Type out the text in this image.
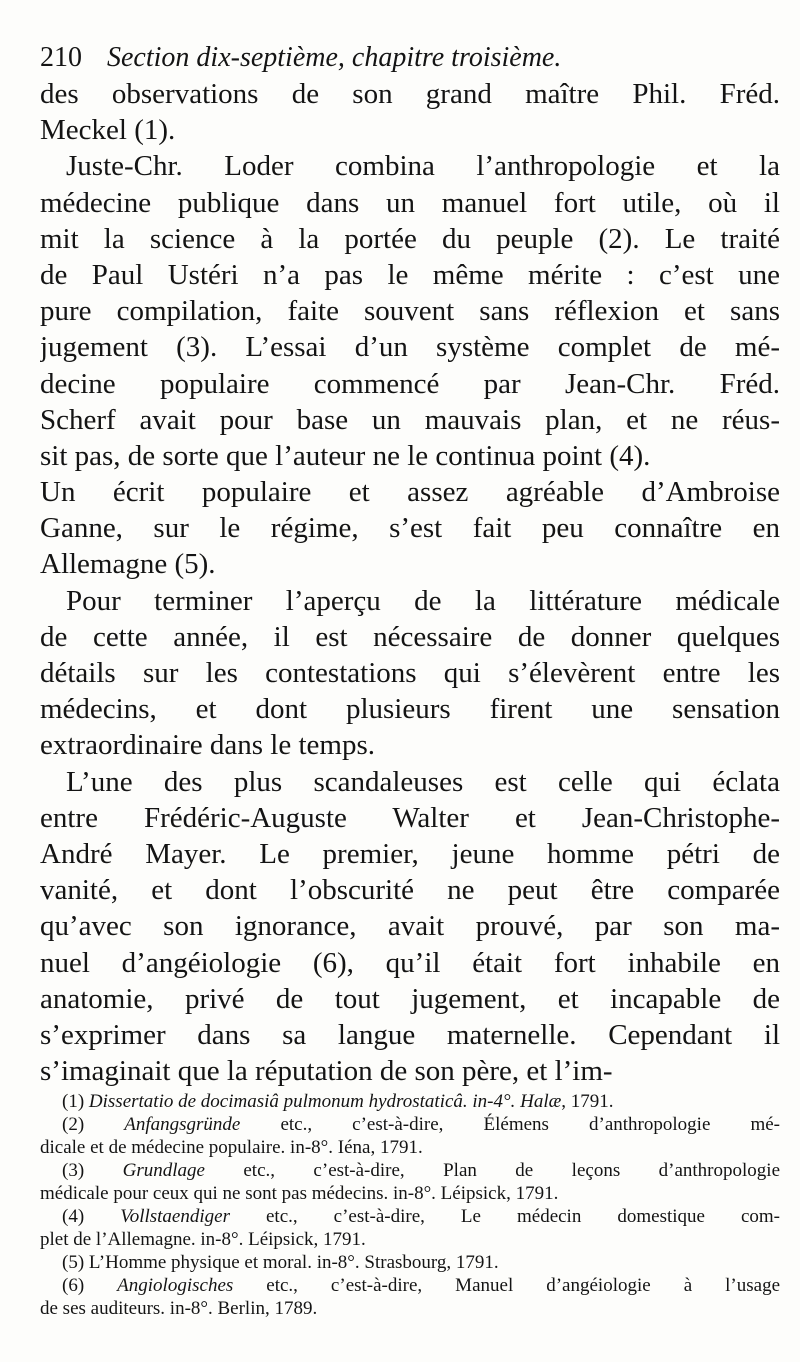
210 Section dix-septième, chapitre troisième.
des observations de son grand maître Phil. Fréd.
Meckel (1).
Juste-Chr. Loder combina l’anthropologie et la
médecine publique dans un manuel fort utile, où il
mit la science à la portée du peuple (2). Le traité
de Paul Ustéri n’a pas le même mérite : c’est une
pure compilation, faite souvent sans réflexion et sans
jugement (3). L’essai d’un système complet de mé-
decine populaire commencé par Jean-Chr. Fréd.
Scherf avait pour base un mauvais plan, et ne réus-
sit pas, de sorte que l’auteur ne le continua point (4).
Un écrit populaire et assez agréable d’Ambroise
Ganne, sur le régime, s’est fait peu connaître en
Allemagne (5).
Pour terminer l’aperçu de la littérature médicale
de cette année, il est nécessaire de donner quelques
détails sur les contestations qui s’élevèrent entre les
médecins, et dont plusieurs firent une sensation
extraordinaire dans le temps.
L’une des plus scandaleuses est celle qui éclata
entre Frédéric-Auguste Walter et Jean-Christophe-
André Mayer. Le premier, jeune homme pétri de
vanité, et dont l’obscurité ne peut être comparée
qu’avec son ignorance, avait prouvé, par son ma-
nuel d’angéiologie (6), qu’il était fort inhabile en
anatomie, privé de tout jugement, et incapable de
s’exprimer dans sa langue maternelle. Cependant il
s’imaginait que la réputation de son père, et l’im-
(1) Dissertatio de docimasiâ pulmonum hydrostaticâ. in-4°. Halæ, 1791.
(2) Anfangsgründe etc., c’est-à-dire, Élémens d’anthropologie mé-
dicale et de médecine populaire. in-8°. Iéna, 1791.
(3) Grundlage etc., c’est-à-dire, Plan de leçons d’anthropologie
médicale pour ceux qui ne sont pas médecins. in-8°. Léipsick, 1791.
(4) Vollstaendiger etc., c’est-à-dire, Le médecin domestique com-
plet de l’Allemagne. in-8°. Léipsick, 1791.
(5) L’Homme physique et moral. in-8°. Strasbourg, 1791.
(6) Angiologisches etc., c’est-à-dire, Manuel d’angéiologie à l’usage
de ses auditeurs. in-8°. Berlin, 1789.
